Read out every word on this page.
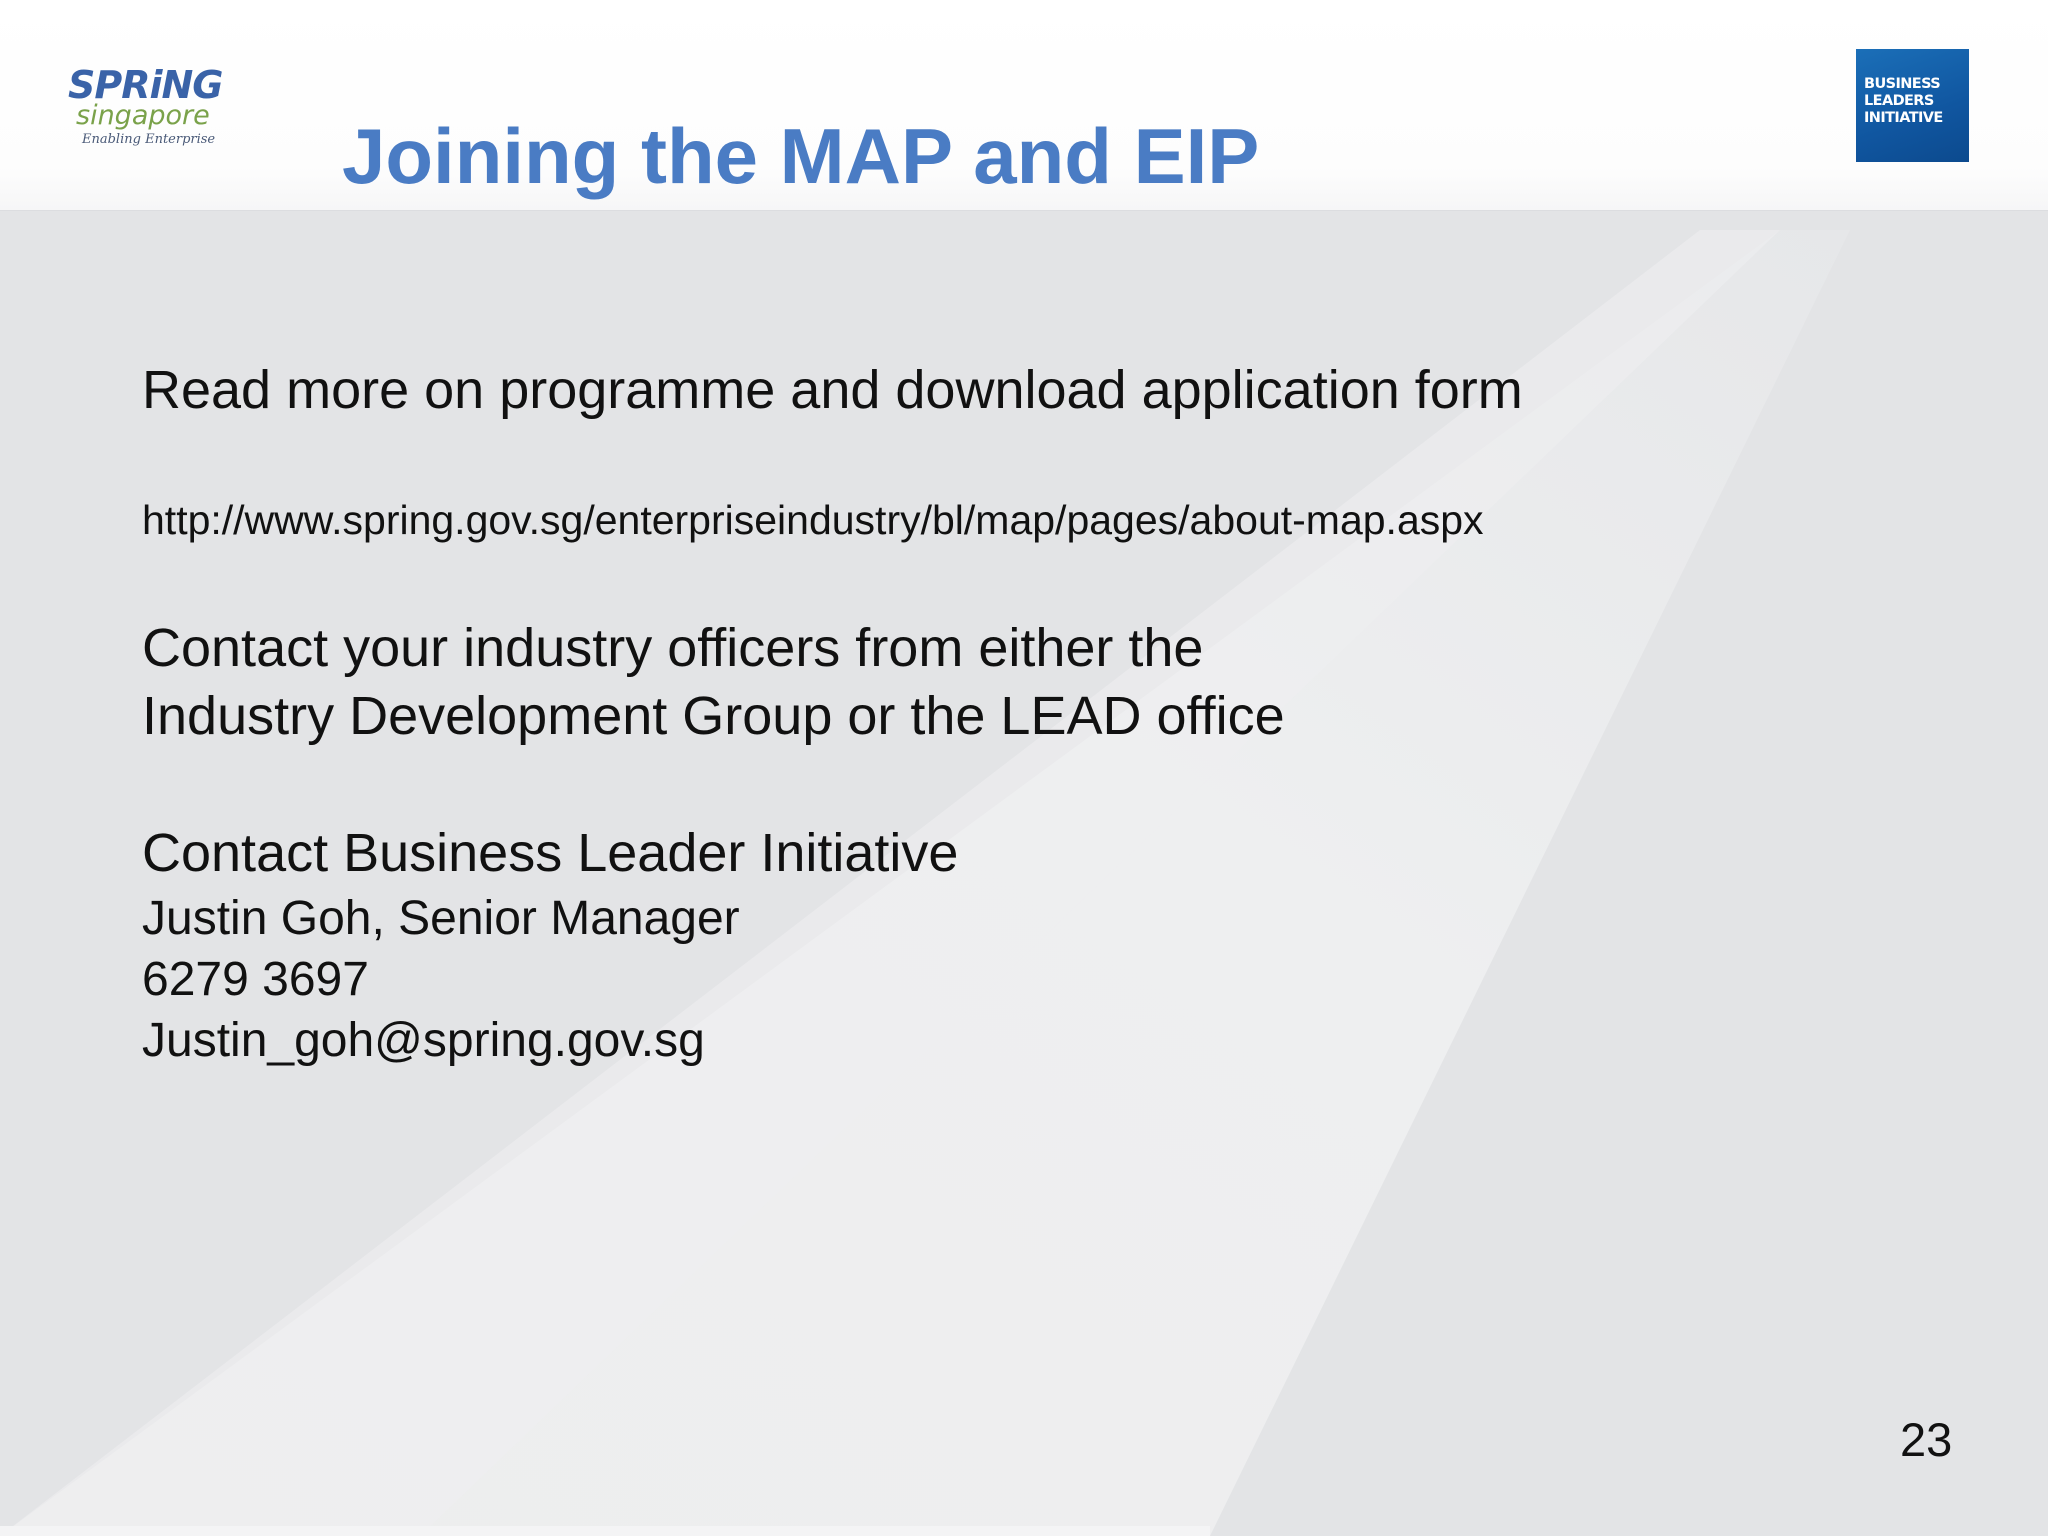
SPRiNG
singapore
Enabling Enterprise
BUSINESS
LEADERS
INITIATIVE
Joining the MAP and EIP
Read more on programme and download application form
http://www.spring.gov.sg/enterpriseindustry/bl/map/pages/about-map.aspx
Contact your industry officers from either the
Industry Development Group or the LEAD office
Contact Business Leader Initiative
Justin Goh, Senior Manager
6279 3697
Justin_goh@spring.gov.sg
23
